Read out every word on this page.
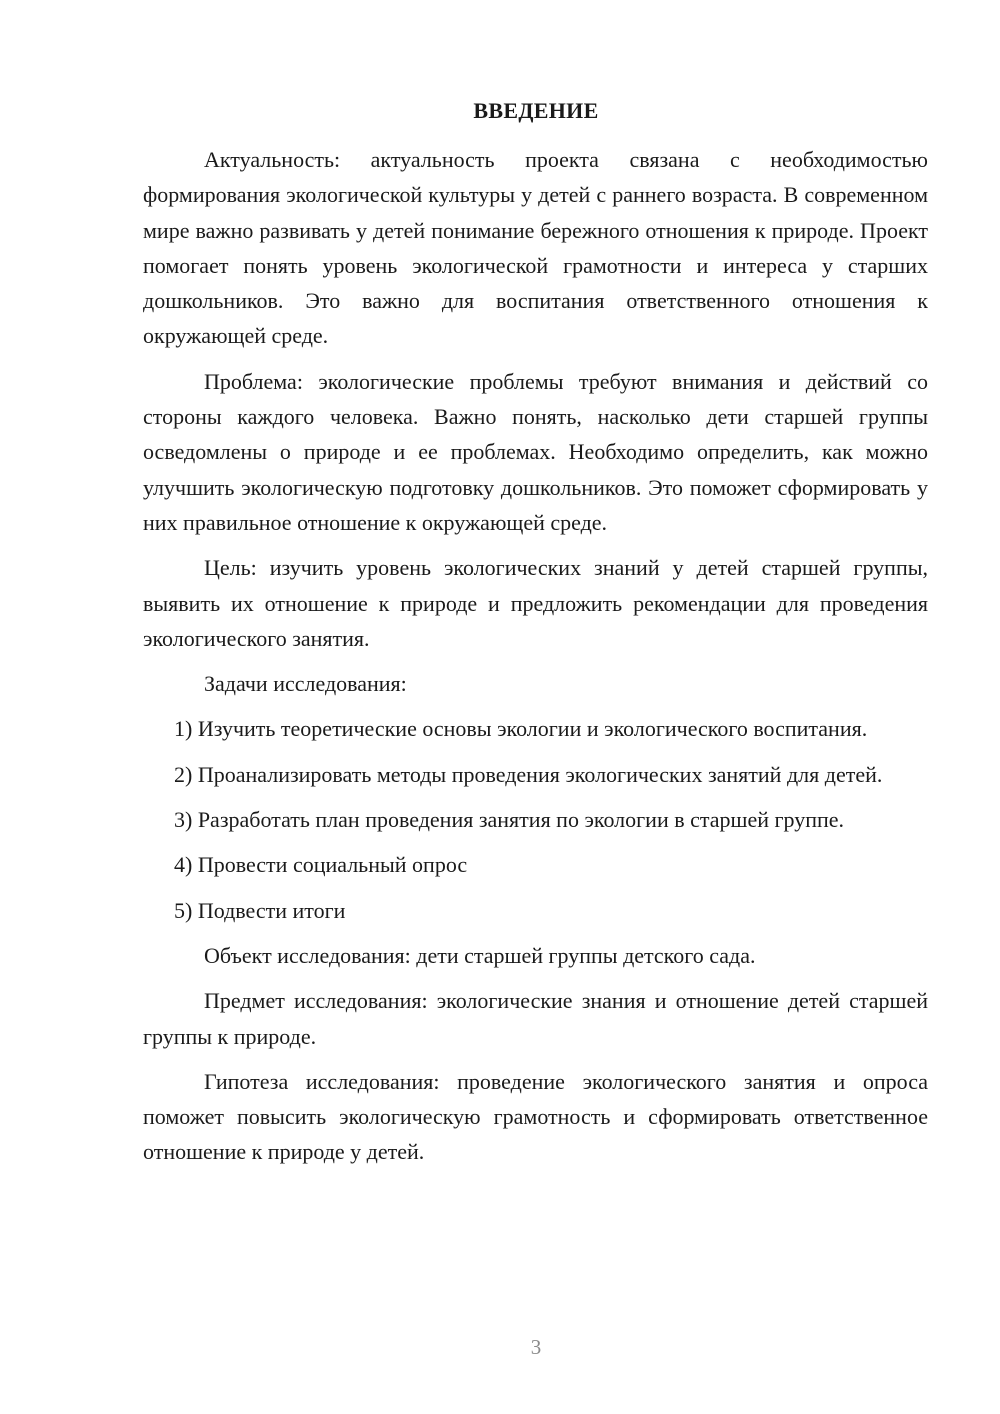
ВВЕДЕНИЕ

Актуальность: актуальность проекта связана с необходимостью формирования экологической культуры у детей с раннего возраста. В современном мире важно развивать у детей понимание бережного отношения к природе. Проект помогает понять уровень экологической грамотности и интереса у старших дошкольников. Это важно для воспитания ответственного отношения к окружающей среде.

Проблема: экологические проблемы требуют внимания и действий со стороны каждого человека. Важно понять, насколько дети старшей группы осведомлены о природе и ее проблемах. Необходимо определить, как можно улучшить экологическую подготовку дошкольников. Это поможет сформировать у них правильное отношение к окружающей среде.

Цель: изучить уровень экологических знаний у детей старшей группы, выявить их отношение к природе и предложить рекомендации для проведения экологического занятия.

Задачи исследования:

1) Изучить теоретические основы экологии и экологического воспитания.

2) Проанализировать методы проведения экологических занятий для детей.

3) Разработать план проведения занятия по экологии в старшей группе.

4) Провести социальный опрос

5) Подвести итоги

Объект исследования: дети старшей группы детского сада.

Предмет исследования: экологические знания и отношение детей старшей группы к природе.

Гипотеза исследования: проведение экологического занятия и опроса поможет повысить экологическую грамотность и сформировать ответственное отношение к природе у детей.

3
